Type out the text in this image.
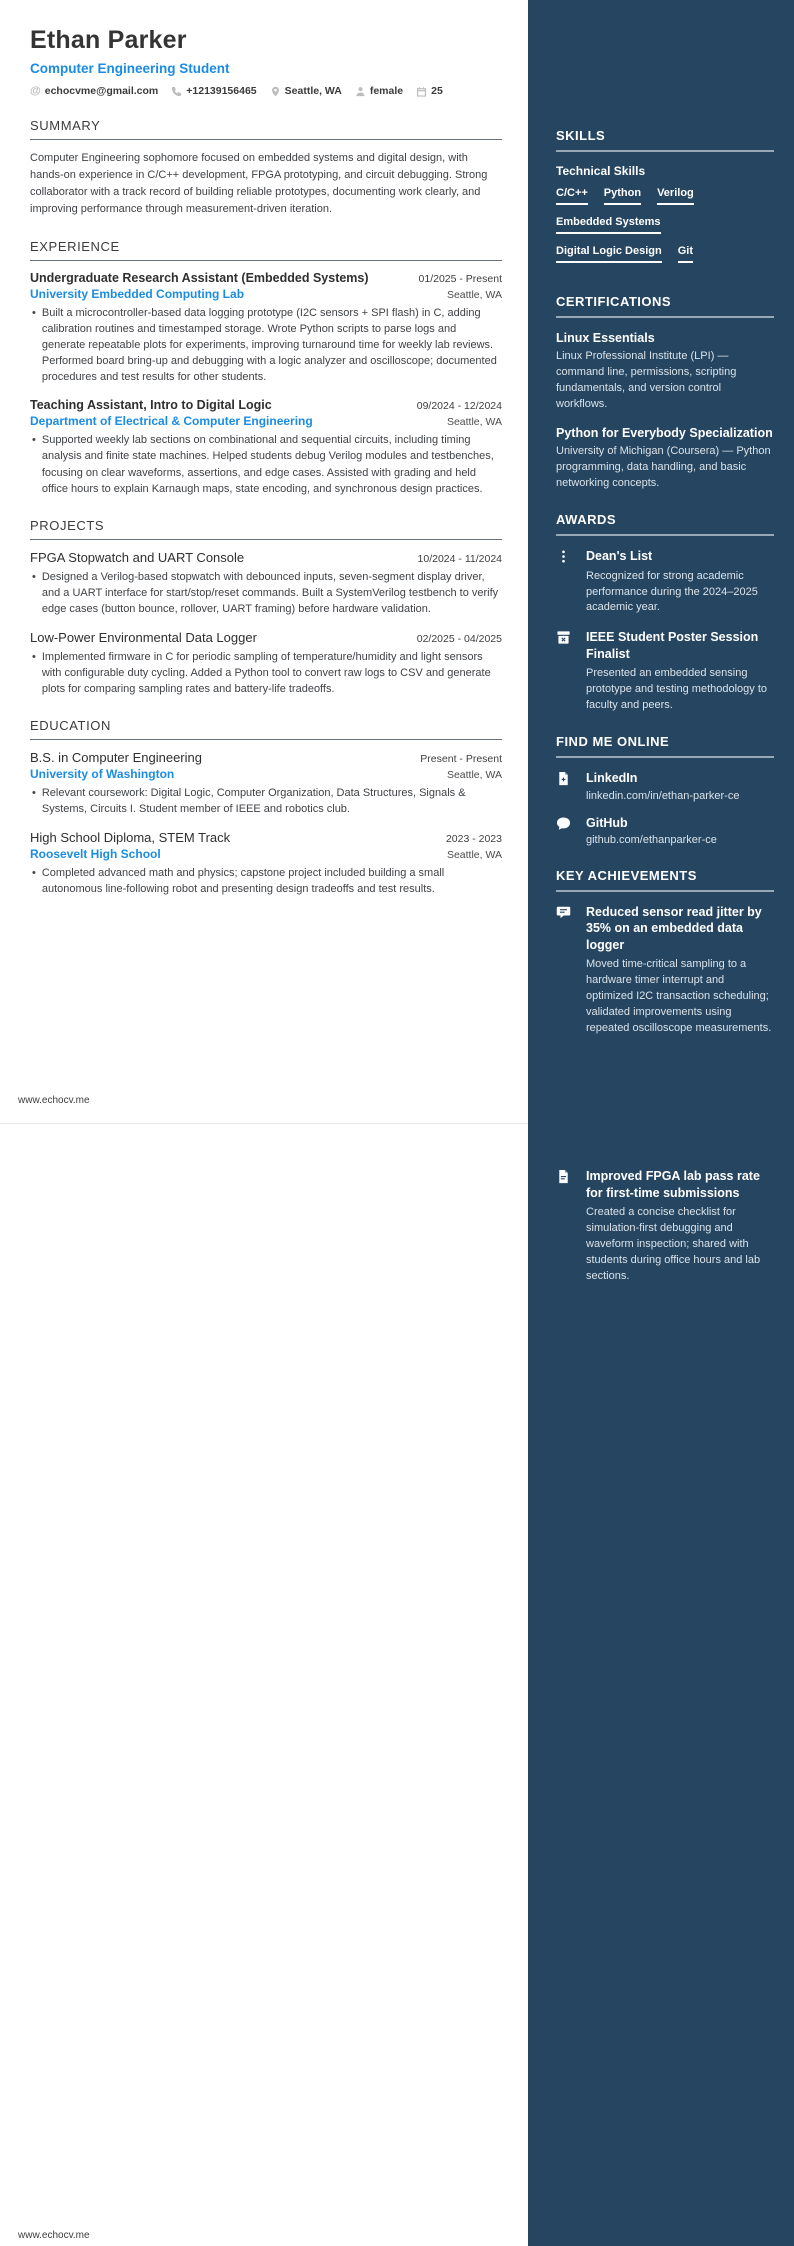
Ethan Parker
Computer Engineering Student
@ echocvme@gmail.com	+12139156465	Seattle, WA	female	25
SUMMARY
Computer Engineering sophomore focused on embedded systems and digital design, with hands-on experience in C/C++ development, FPGA prototyping, and circuit debugging. Strong collaborator with a track record of building reliable prototypes, documenting work clearly, and improving performance through measurement-driven iteration.
EXPERIENCE
Undergraduate Research Assistant (Embedded Systems)	01/2025 - Present
University Embedded Computing Lab	Seattle, WA
• Built a microcontroller-based data logging prototype (I2C sensors + SPI flash) in C, adding calibration routines and timestamped storage. Wrote Python scripts to parse logs and generate repeatable plots for experiments, improving turnaround time for weekly lab reviews. Performed board bring-up and debugging with a logic analyzer and oscilloscope; documented procedures and test results for other students.
Teaching Assistant, Intro to Digital Logic	09/2024 - 12/2024
Department of Electrical & Computer Engineering	Seattle, WA
• Supported weekly lab sections on combinational and sequential circuits, including timing analysis and finite state machines. Helped students debug Verilog modules and testbenches, focusing on clear waveforms, assertions, and edge cases. Assisted with grading and held office hours to explain Karnaugh maps, state encoding, and synchronous design practices.
PROJECTS
FPGA Stopwatch and UART Console	10/2024 - 11/2024
• Designed a Verilog-based stopwatch with debounced inputs, seven-segment display driver, and a UART interface for start/stop/reset commands. Built a SystemVerilog testbench to verify edge cases (button bounce, rollover, UART framing) before hardware validation.
Low-Power Environmental Data Logger	02/2025 - 04/2025
• Implemented firmware in C for periodic sampling of temperature/humidity and light sensors with configurable duty cycling. Added a Python tool to convert raw logs to CSV and generate plots for comparing sampling rates and battery-life tradeoffs.
EDUCATION
B.S. in Computer Engineering	Present - Present
University of Washington	Seattle, WA
• Relevant coursework: Digital Logic, Computer Organization, Data Structures, Signals & Systems, Circuits I. Student member of IEEE and robotics club.
High School Diploma, STEM Track	2023 - 2023
Roosevelt High School	Seattle, WA
• Completed advanced math and physics; capstone project included building a small autonomous line-following robot and presenting design tradeoffs and test results.
www.echocv.me
www.echocv.me
SKILLS
Technical Skills
C/C++ Python Verilog
Embedded Systems
Digital Logic Design Git
CERTIFICATIONS
Linux Essentials
Linux Professional Institute (LPI) — command line, permissions, scripting fundamentals, and version control workflows.
Python for Everybody Specialization
University of Michigan (Coursera) — Python programming, data handling, and basic networking concepts.
AWARDS
Dean's List
Recognized for strong academic performance during the 2024–2025 academic year.
IEEE Student Poster Session Finalist
Presented an embedded sensing prototype and testing methodology to faculty and peers.
FIND ME ONLINE
LinkedIn
linkedin.com/in/ethan-parker-ce
GitHub
github.com/ethanparker-ce
KEY ACHIEVEMENTS
Reduced sensor read jitter by 35% on an embedded data logger
Moved time-critical sampling to a hardware timer interrupt and optimized I2C transaction scheduling; validated improvements using repeated oscilloscope measurements.
Improved FPGA lab pass rate for first-time submissions
Created a concise checklist for simulation-first debugging and waveform inspection; shared with students during office hours and lab sections.
